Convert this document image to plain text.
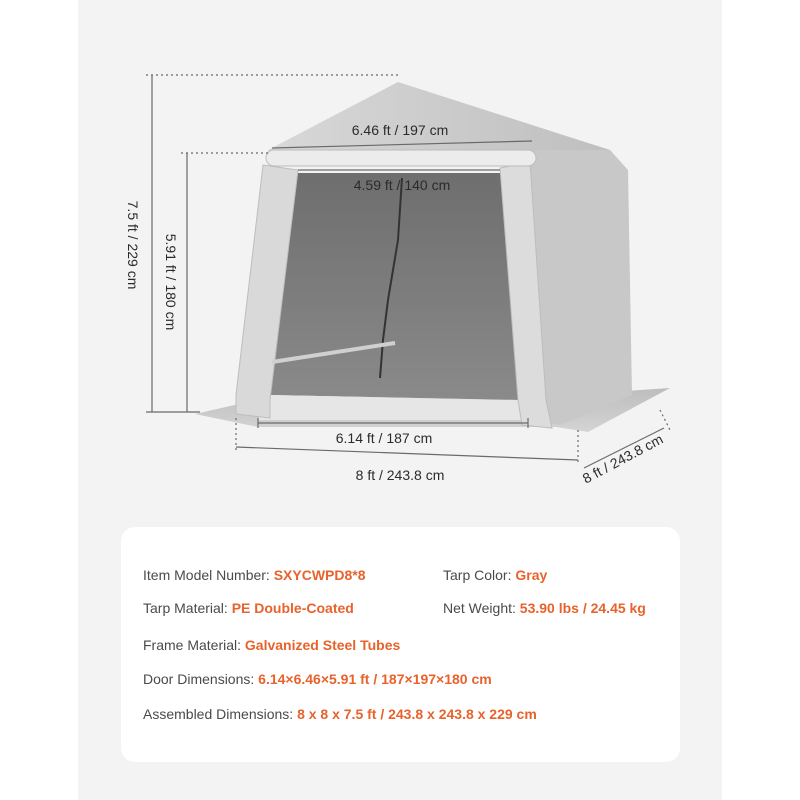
6.46 ft / 197 cm
4.59 ft / 140 cm
6.14 ft / 187 cm
8 ft / 243.8 cm
7.5 ft / 229 cm 5.91 ft / 180 cm
8 ft / 243.8 cm
Item Model Number: SXYCWPD8*8	Tarp Color: Gray
Tarp Material: PE Double-Coated	Net Weight: 53.90 lbs / 24.45 kg
Frame Material: Galvanized Steel Tubes
Door Dimensions: 6.14×6.46×5.91 ft / 187×197×180 cm
Assembled Dimensions: 8 x 8 x 7.5 ft / 243.8 x 243.8 x 229 cm
